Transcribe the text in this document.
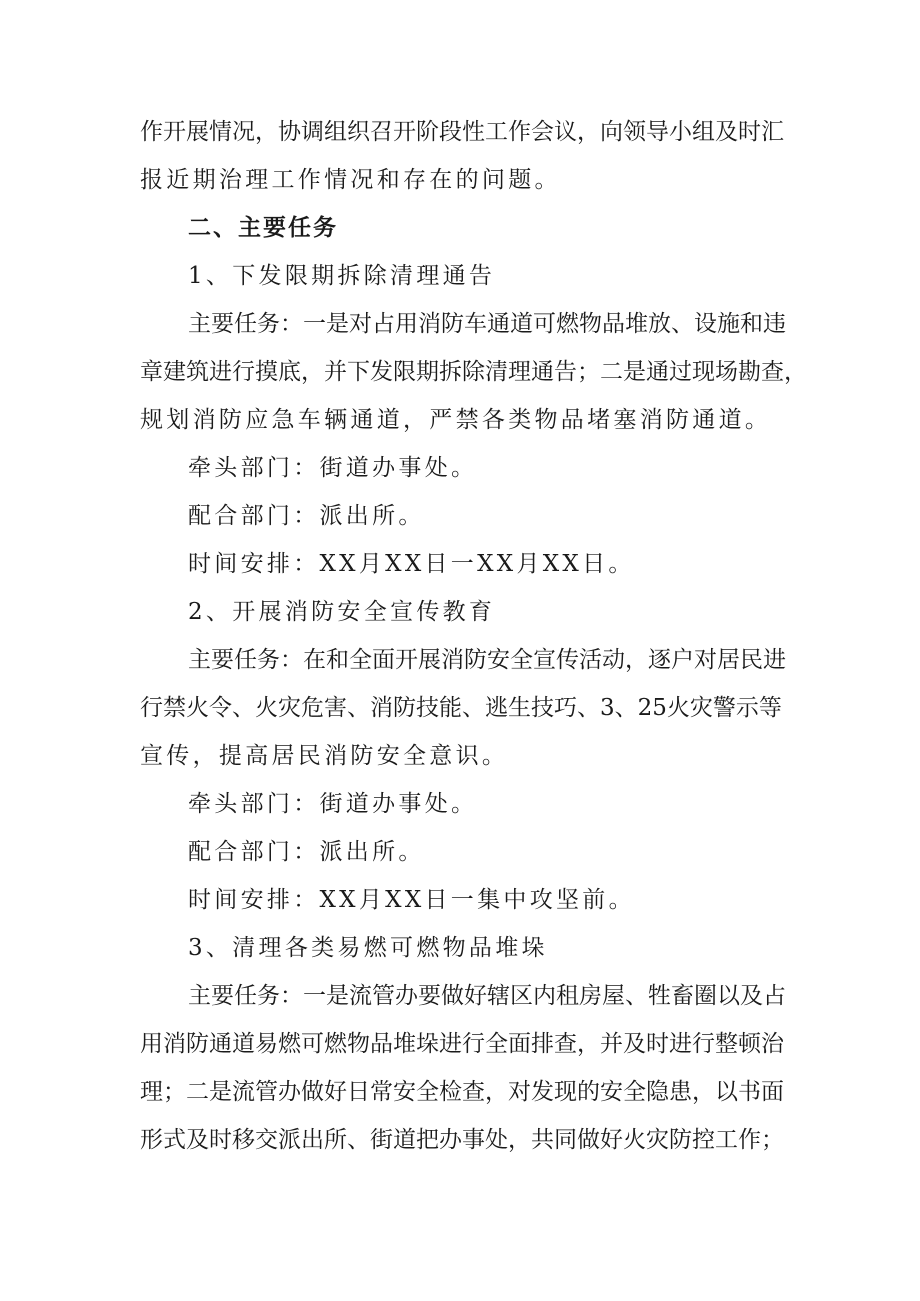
作开展情况，协调组织召开阶段性工作会议，向领导小组及时汇
报近期治理工作情况和存在的问题。
二、主要任务
1、下发限期拆除清理通告
主要任务：一是对占用消防车通道可燃物品堆放、设施和违
章建筑进行摸底，并下发限期拆除清理通告；二是通过现场勘查，
规划消防应急车辆通道，严禁各类物品堵塞消防通道。
牵头部门：街道办事处。
配合部门：派出所。
时间安排：XX月XX日一XX月XX日。
2、开展消防安全宣传教育
主要任务：在和全面开展消防安全宣传活动，逐户对居民进
行禁火令、火灾危害、消防技能、逃生技巧、3、25火灾警示等
宣传，提高居民消防安全意识。
牵头部门：街道办事处。
配合部门：派出所。
时间安排：XX月XX日一集中攻坚前。
3、清理各类易燃可燃物品堆垛
主要任务：一是流管办要做好辖区内租房屋、牲畜圈以及占
用消防通道易燃可燃物品堆垛进行全面排查，并及时进行整顿治
理；二是流管办做好日常安全检查，对发现的安全隐患，以书面
形式及时移交派出所、街道把办事处，共同做好火灾防控工作；
